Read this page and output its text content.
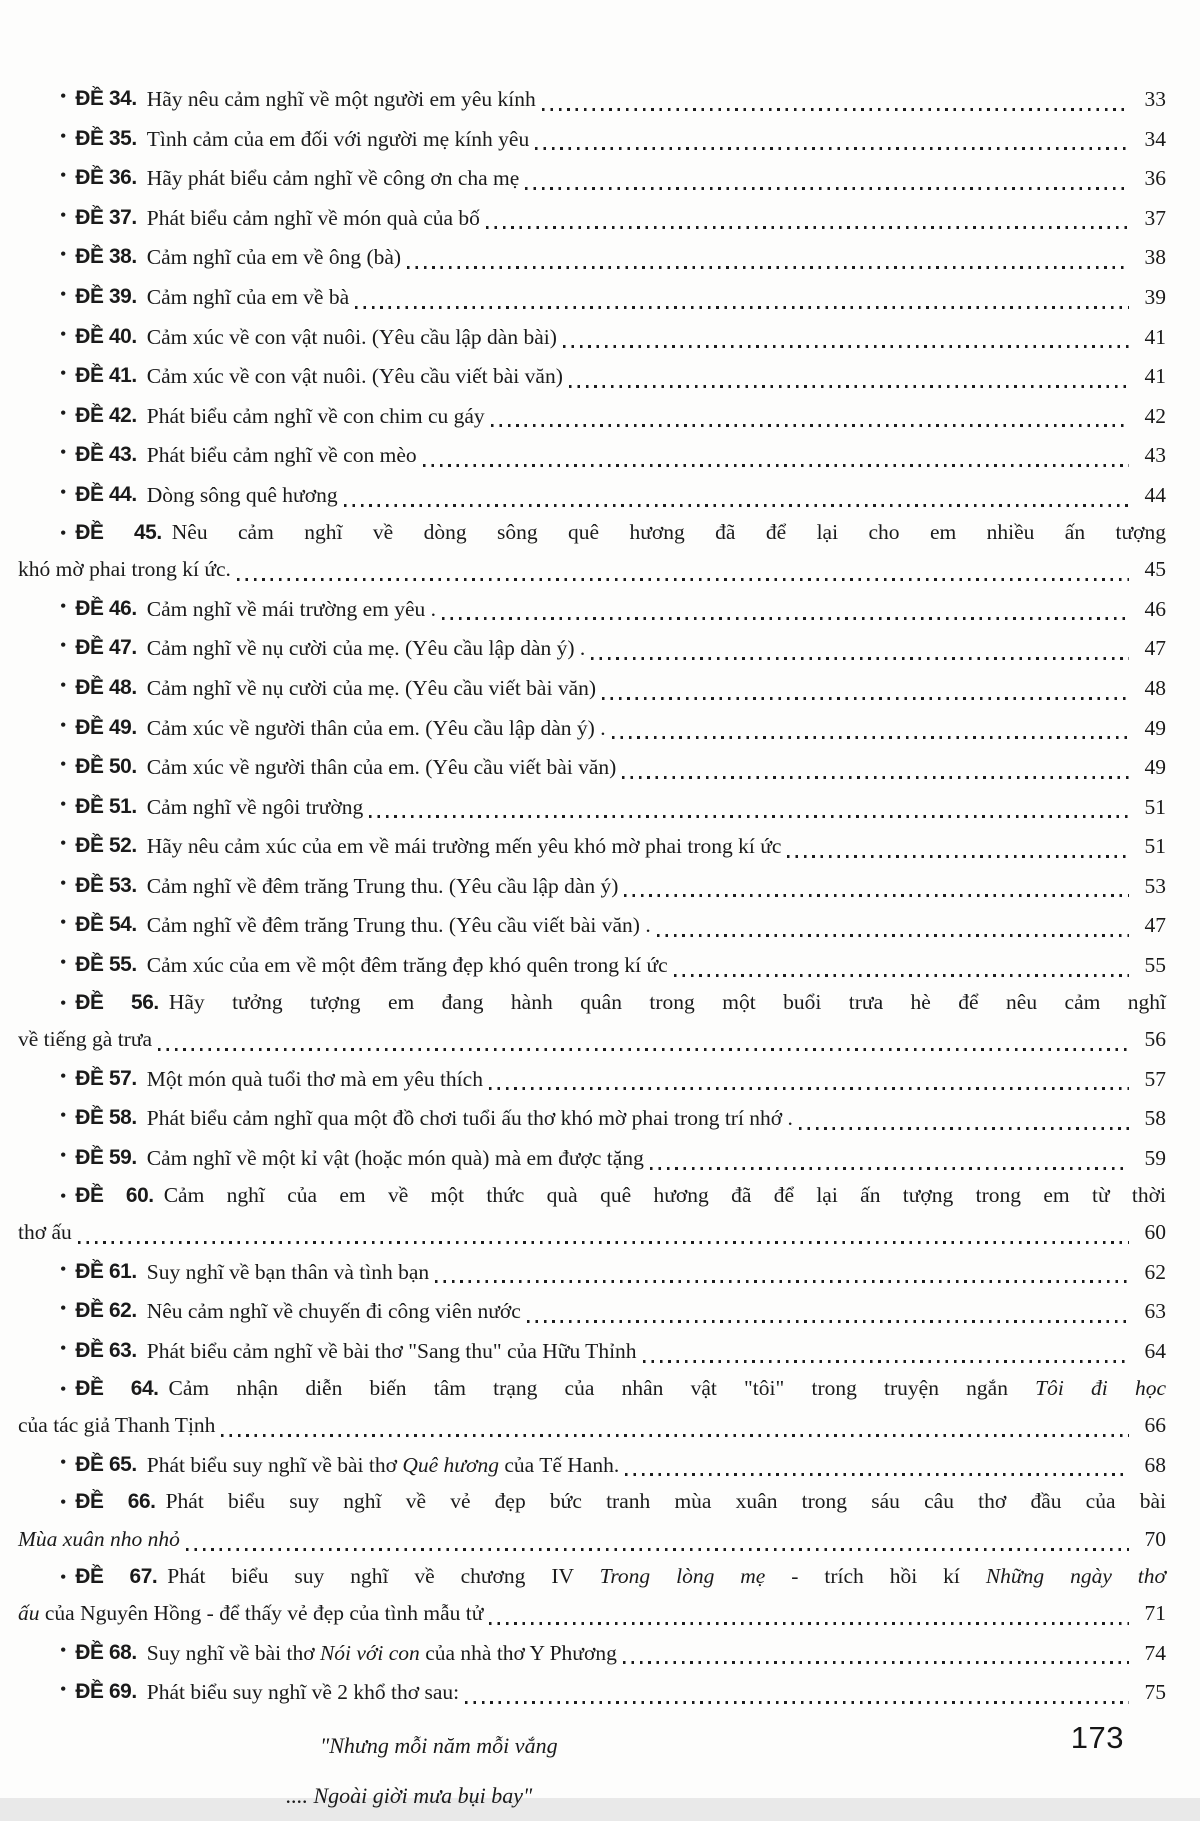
• ĐỀ 34. Hãy nêu cảm nghĩ về một người em yêu kính	33
• ĐỀ 35. Tình cảm của em đối với người mẹ kính yêu	34
• ĐỀ 36. Hãy phát biểu cảm nghĩ về công ơn cha mẹ	36
• ĐỀ 37. Phát biểu cảm nghĩ về món quà của bố	37
• ĐỀ 38. Cảm nghĩ của em về ông (bà)	38
• ĐỀ 39. Cảm nghĩ của em về bà	39
• ĐỀ 40. Cảm xúc về con vật nuôi. (Yêu cầu lập dàn bài)	41
• ĐỀ 41. Cảm xúc về con vật nuôi. (Yêu cầu viết bài văn)	41
• ĐỀ 42. Phát biểu cảm nghĩ về con chim cu gáy	42
• ĐỀ 43. Phát biểu cảm nghĩ về con mèo	43
• ĐỀ 44. Dòng sông quê hương	44
• ĐỀ 45. Nêu cảm nghĩ về dòng sông quê hương đã để lại cho em nhiều ấn tượng
khó mờ phai trong kí ức.	45
• ĐỀ 46. Cảm nghĩ về mái trường em yêu .	46
• ĐỀ 47. Cảm nghĩ về nụ cười của mẹ. (Yêu cầu lập dàn ý) .	47
• ĐỀ 48. Cảm nghĩ về nụ cười của mẹ. (Yêu cầu viết bài văn)	48
• ĐỀ 49. Cảm xúc về người thân của em. (Yêu cầu lập dàn ý) .	49
• ĐỀ 50. Cảm xúc về người thân của em. (Yêu cầu viết bài văn)	49
• ĐỀ 51. Cảm nghĩ về ngôi trường	51
• ĐỀ 52. Hãy nêu cảm xúc của em về mái trường mến yêu khó mờ phai trong kí ức	51
• ĐỀ 53. Cảm nghĩ về đêm trăng Trung thu. (Yêu cầu lập dàn ý)	53
• ĐỀ 54. Cảm nghĩ về đêm trăng Trung thu. (Yêu cầu viết bài văn) .	47
• ĐỀ 55. Cảm xúc của em về một đêm trăng đẹp khó quên trong kí ức	55
• ĐỀ 56. Hãy tưởng tượng em đang hành quân trong một buổi trưa hè để nêu cảm nghĩ
về tiếng gà trưa	56
• ĐỀ 57. Một món quà tuổi thơ mà em yêu thích	57
• ĐỀ 58. Phát biểu cảm nghĩ qua một đồ chơi tuổi ấu thơ khó mờ phai trong trí nhớ .	58
• ĐỀ 59. Cảm nghĩ về một kỉ vật (hoặc món quà) mà em được tặng	59
• ĐỀ 60. Cảm nghĩ của em về một thức quà quê hương đã để lại ấn tượng trong em từ thời
thơ ấu	60
• ĐỀ 61. Suy nghĩ về bạn thân và tình bạn	62
• ĐỀ 62. Nêu cảm nghĩ về chuyến đi công viên nước	63
• ĐỀ 63. Phát biểu cảm nghĩ về bài thơ "Sang thu" của Hữu Thỉnh	64
• ĐỀ 64. Cảm nhận diễn biến tâm trạng của nhân vật "tôi" trong truyện ngắn Tôi đi học
của tác giả Thanh Tịnh	66
• ĐỀ 65. Phát biểu suy nghĩ về bài thơ Quê hương của Tế Hanh.	68
• ĐỀ 66. Phát biểu suy nghĩ về vẻ đẹp bức tranh mùa xuân trong sáu câu thơ đầu của bài
Mùa xuân nho nhỏ	70
• ĐỀ 67. Phát biểu suy nghĩ về chương IV Trong lòng mẹ - trích hồi kí Những ngày thơ
ấu của Nguyên Hồng - để thấy vẻ đẹp của tình mẫu tử	71
• ĐỀ 68. Suy nghĩ về bài thơ Nói với con của nhà thơ Y Phương	74
• ĐỀ 69. Phát biểu suy nghĩ về 2 khổ thơ sau:	75
"Nhưng mỗi năm mỗi vắng
.... Ngoài giời mưa bụi bay"
173
